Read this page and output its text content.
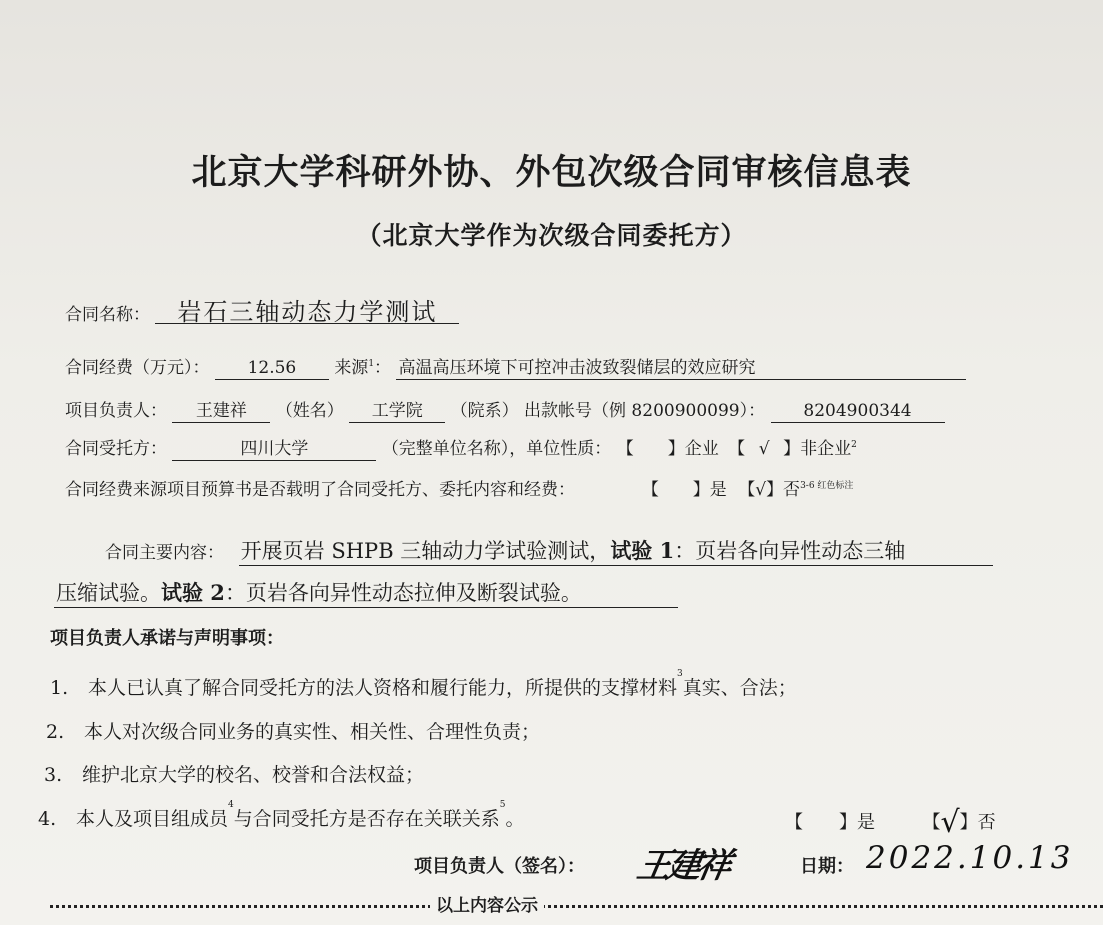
北京大学科研外协、外包次级合同审核信息表
（北京大学作为次级合同委托方）
合同名称： 岩石三轴动态力学测试
合同经费（万元）： 12.56 来源$^1$： 高温高压环境下可控冲击波致裂储层的效应研究
项目负责人： 王建祥 （姓名） 工学院 （院系） 出款帐号（例 8200900099）： 8204900344
合同受托方：	四川大学	（完整单位名称），单位性质： 【 】企业 【 √ 】非企业$^2$
合同经费来源项目预算书是否载明了合同受托方、委托内容和经费：	【　　】是 【√】否$^{3-6 红色标注}$
合同主要内容： 开展页岩 SHPB 三轴动力学试验测试，试验 1：页岩各向异性动态三轴
压缩试验。试验 2：页岩各向异性动态拉伸及断裂试验。
项目负责人承诺与声明事项：
1. 本人已认真了解合同受托方的法人资格和履行能力，所提供的支撑材料$^3$真实、合法；
2. 本人对次级合同业务的真实性、相关性、合理性负责；
3. 维护北京大学的校名、校誉和合法权益；
4. 本人及项目组成员$^4$与合同受托方是否存在关联关系$^5$。	【　　】是	【√】否
项目负责人（签名）： 王建祥	日期： 2022.10.13
以上内容公示
